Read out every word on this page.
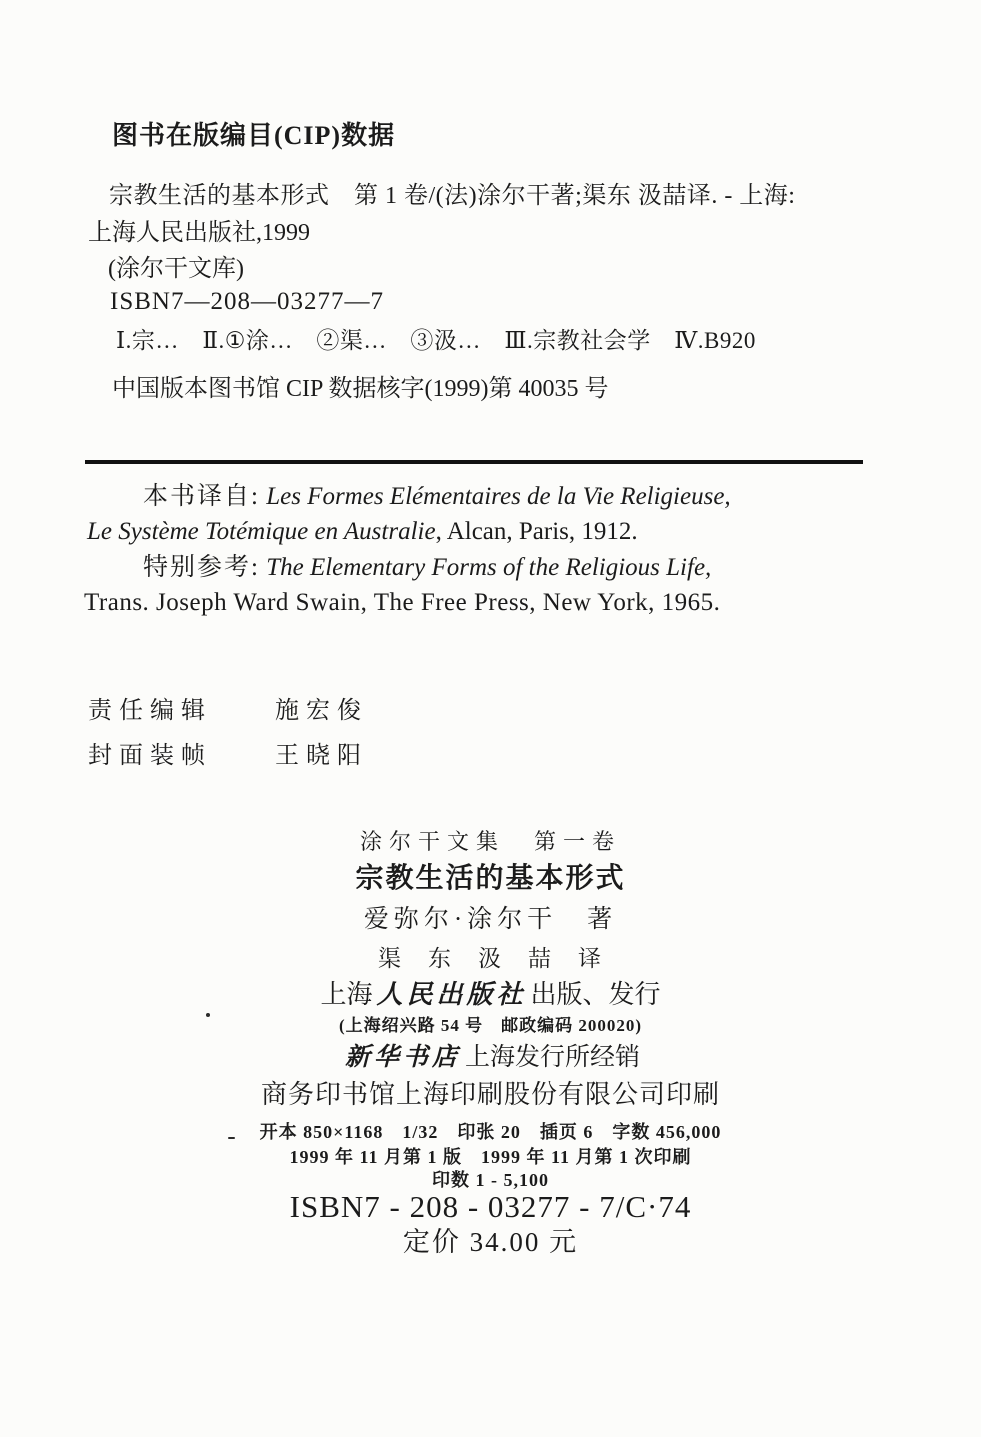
图书在版编目(CIP)数据
宗教生活的基本形式　第 1 卷/(法)涂尔干著;渠东 汲喆译. - 上海:
上海人民出版社,1999
(涂尔干文库)
ISBN7—208—03277—7
Ⅰ.宗…　Ⅱ.①涂…　②渠…　③汲…　Ⅲ.宗教社会学　Ⅳ.B920
中国版本图书馆 CIP 数据核字(1999)第 40035 号
本书译自: Les Formes Elémentaires de la Vie Religieuse,
Le Système Totémique en Australie, Alcan, Paris, 1912.
特别参考: The Elementary Forms of the Religious Life,
Trans. Joseph Ward Swain, The Free Press, New York, 1965.
责任编辑	施宏俊
封面装帧	王晓阳
涂尔干文集　第一卷
宗教生活的基本形式
爱弥尔·涂尔干　著
渠　东　汲　喆　译
上海 人民出版社 出版、发行
(上海绍兴路 54 号　邮政编码 200020)
新华书店 上海发行所经销
商务印书馆上海印刷股份有限公司印刷
开本 850×1168　1/32　印张 20　插页 6　字数 456,000
1999 年 11 月第 1 版　1999 年 11 月第 1 次印刷
印数 1 - 5,100
ISBN7 - 208 - 03277 - 7/C·74
定价 34.00 元
